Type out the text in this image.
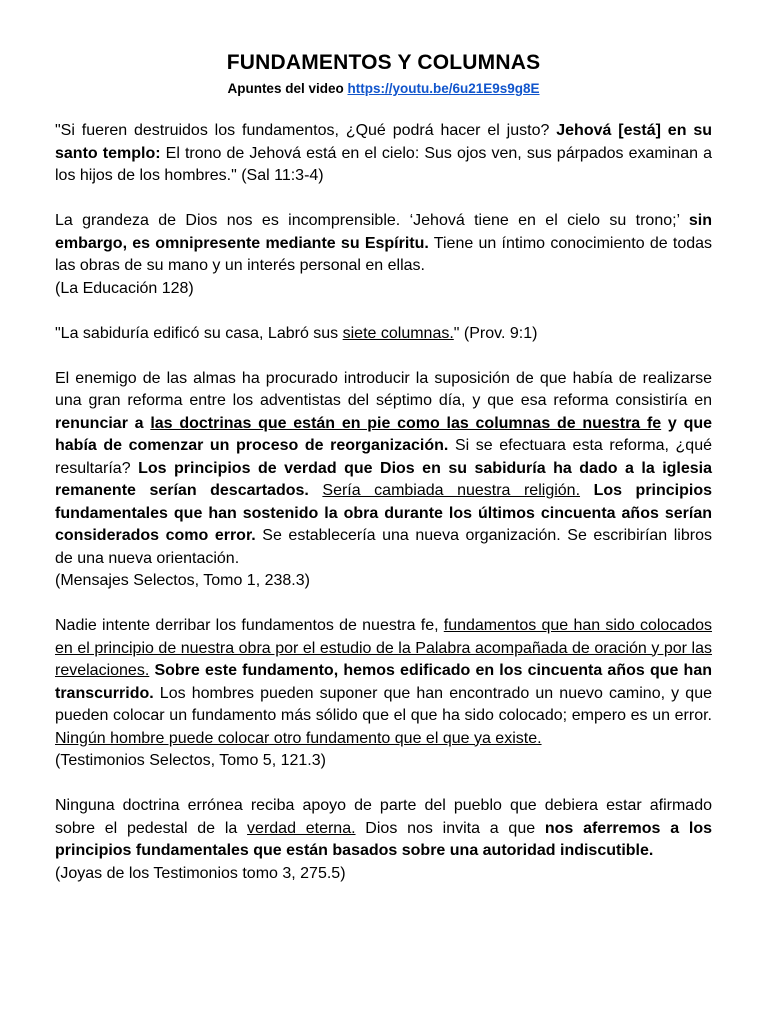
FUNDAMENTOS Y COLUMNAS

Apuntes del video https://youtu.be/6u21E9s9g8E

"Si fueren destruidos los fundamentos, ¿Qué podrá hacer el justo? Jehová [está] en su santo templo: El trono de Jehová está en el cielo: Sus ojos ven, sus párpados examinan a los hijos de los hombres." (Sal 11:3-4)

La grandeza de Dios nos es incomprensible. ‘Jehová tiene en el cielo su trono;’ sin embargo, es omnipresente mediante su Espíritu. Tiene un íntimo conocimiento de todas las obras de su mano y un interés personal en ellas.
(La Educación 128)

"La sabiduría edificó su casa, Labró sus siete columnas." (Prov. 9:1)

El enemigo de las almas ha procurado introducir la suposición de que había de realizarse una gran reforma entre los adventistas del séptimo día, y que esa reforma consistiría en renunciar a las doctrinas que están en pie como las columnas de nuestra fe y que había de comenzar un proceso de reorganización. Si se efectuara esta reforma, ¿qué resultaría? Los principios de verdad que Dios en su sabiduría ha dado a la iglesia remanente serían descartados. Sería cambiada nuestra religión. Los principios fundamentales que han sostenido la obra durante los últimos cincuenta años serían considerados como error. Se establecería una nueva organización. Se escribirían libros de una nueva orientación.
(Mensajes Selectos, Tomo 1, 238.3)

Nadie intente derribar los fundamentos de nuestra fe, fundamentos que han sido colocados en el principio de nuestra obra por el estudio de la Palabra acompañada de oración y por las revelaciones. Sobre este fundamento, hemos edificado en los cincuenta años que han transcurrido. Los hombres pueden suponer que han encontrado un nuevo camino, y que pueden colocar un fundamento más sólido que el que ha sido colocado; empero es un error. Ningún hombre puede colocar otro fundamento que el que ya existe.
(Testimonios Selectos, Tomo 5, 121.3)

Ninguna doctrina errónea reciba apoyo de parte del pueblo que debiera estar afirmado sobre el pedestal de la verdad eterna. Dios nos invita a que nos aferremos a los principios fundamentales que están basados sobre una autoridad indiscutible.
(Joyas de los Testimonios tomo 3, 275.5)
